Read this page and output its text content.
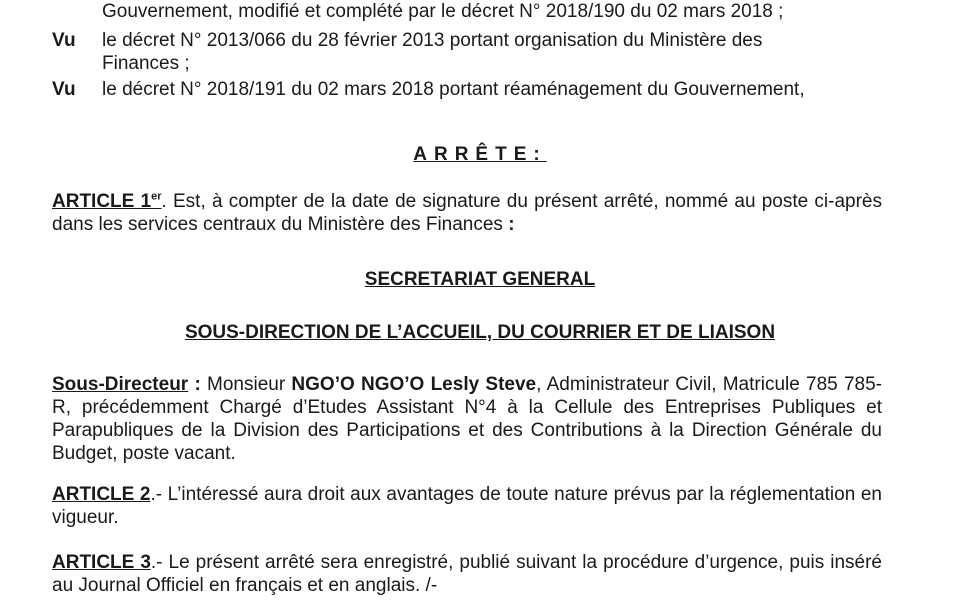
Gouvernement, modifié et complété par le décret N° 2018/190 du 02 mars 2018 ;
Vu le décret N° 2013/066 du 28 février 2013 portant organisation du Ministère des
Finances ;
Vu le décret N° 2018/191 du 02 mars 2018 portant réaménagement du Gouvernement,
ARRÊTE:
ARTICLE 1er. Est, à compter de la date de signature du présent arrêté, nommé au poste ci-après dans les services centraux du Ministère des Finances :
SECRETARIAT GENERAL
SOUS-DIRECTION DE L’ACCUEIL, DU COURRIER ET DE LIAISON
Sous-Directeur : Monsieur NGO’O NGO’O Lesly Steve, Administrateur Civil, Matricule 785 785-R, précédemment Chargé d’Etudes Assistant N°4 à la Cellule des Entreprises Publiques et Parapubliques de la Division des Participations et des Contributions à la Direction Générale du Budget, poste vacant.
ARTICLE 2.- L’intéressé aura droit aux avantages de toute nature prévus par la réglementation en vigueur.
ARTICLE 3.- Le présent arrêté sera enregistré, publié suivant la procédure d’urgence, puis inséré au Journal Officiel en français et en anglais. /-
